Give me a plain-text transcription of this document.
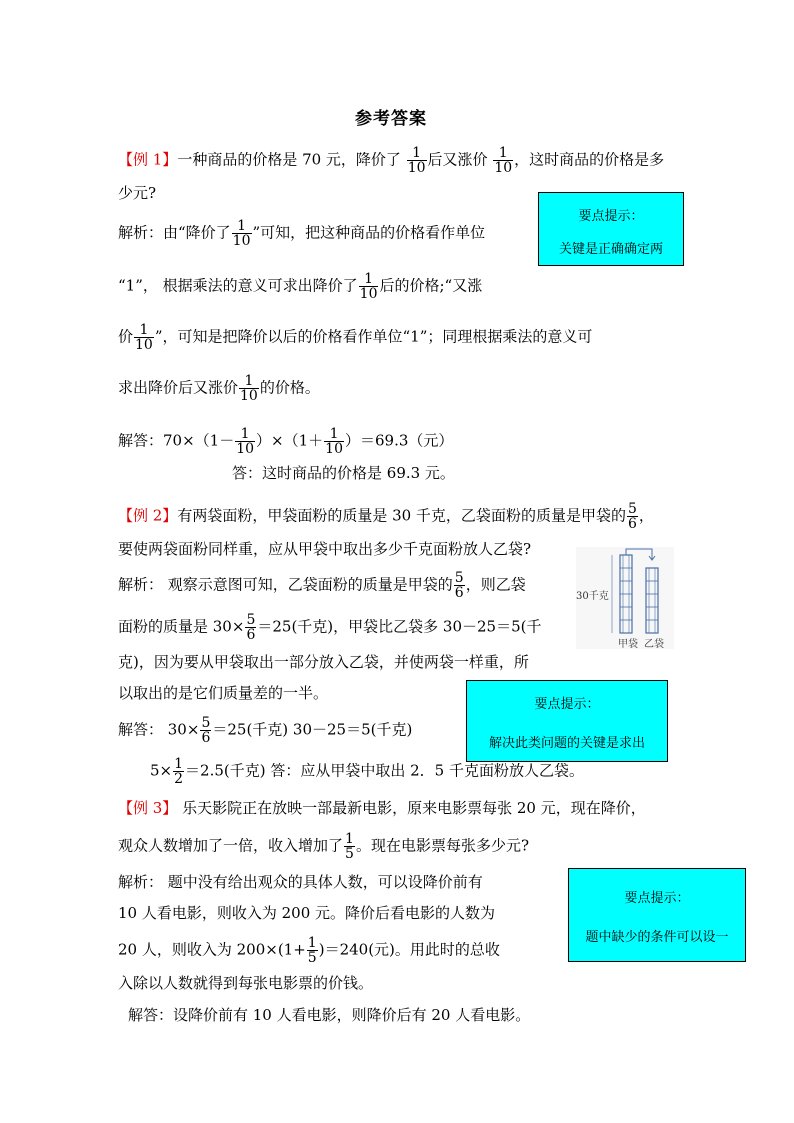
参考答案
【例 1】一种商品的价格是 70 元，降价了 $\frac{1}{10}$ 后又涨价 $\frac{1}{10}$ ，这时商品的价格是多
少元?
解析：由“降价了 $\frac{1}{10}$ ”可知，把这种商品的价格看作单位
“1”， 根据乘法的意义可求出降价了 $\frac{1}{10}$ 后的价格;“又涨
价 $\frac{1}{10}$ ”，可知是把降价以后的价格看作单位“1”；同理根据乘法的意义可
求出降价后又涨价 $\frac{1}{10}$ 的价格。
解答：$70\times(1- \frac{1}{10} )\times(1+ \frac{1}{10} )=69.3$（元）
答：这时商品的价格是 69.3 元。
要点提示：
关键是正确确定两
【例 2】有两袋面粉，甲袋面粉的质量是 30 千克，乙袋面粉的质量是甲袋的 $\frac{5}{6}$ ，
要使两袋面粉同样重，应从甲袋中取出多少千克面粉放人乙袋?
解析： 观察示意图可知，乙袋面粉的质量是甲袋的 $\frac{5}{6}$ ，则乙袋
面粉的质量是 $30\times \frac{5}{6} =25$(千克)，甲袋比乙袋多 30－25＝5(千
克)，因为要从甲袋取出一部分放入乙袋，并使两袋一样重，所
以取出的是它们质量差的一半。
解答： $30\times \frac{5}{6} =25$(千克) 30－25＝5(千克)
要点提示：
解决此类问题的关键是求出
$5\times \frac{1}{2} =2.5$(千克) 答：应从甲袋中取出 2．5 千克面粉放人乙袋。
30千克
甲袋 乙袋
【例 3】 乐天影院正在放映一部最新电影，原来电影票每张 20 元，现在降价，
观众人数增加了一倍，收入增加了 $\frac{1}{5}$ 。现在电影票每张多少元?
解析： 题中没有给出观众的具体人数，可以设降价前有
10 人看电影，则收入为 200 元。降价后看电影的人数为
20 人，则收入为 $200\times(1+ \frac{1}{5} )=240$(元)。用此时的总收
入除以人数就得到每张电影票的价钱。
解答：设降价前有 10 人看电影，则降价后有 20 人看电影。
要点提示：
题中缺少的条件可以设一
